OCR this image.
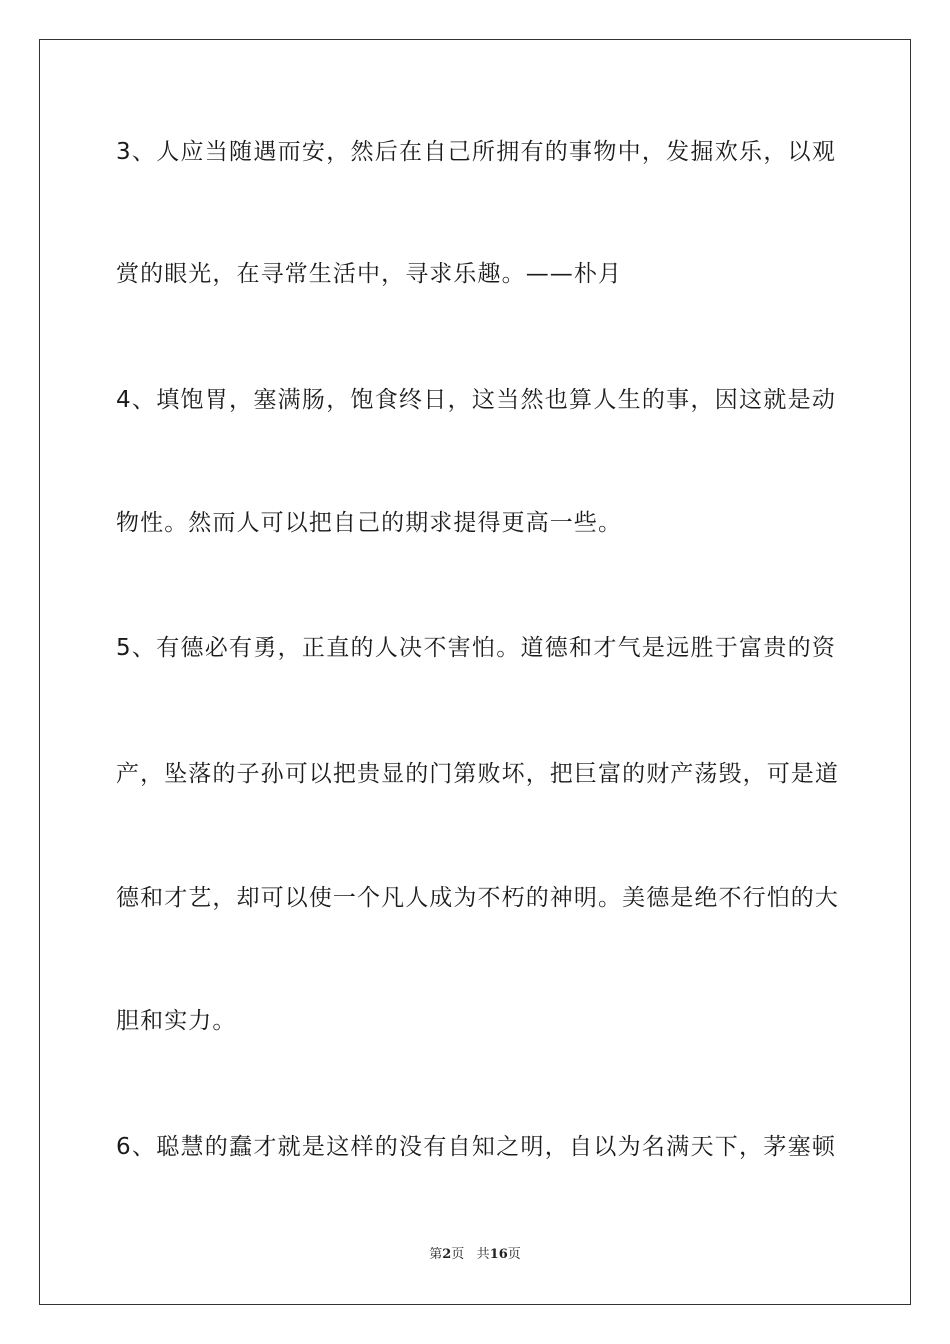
3、人应当随遇而安，然后在自己所拥有的事物中，发掘欢乐，以观
赏的眼光，在寻常生活中，寻求乐趣。——朴月
4、填饱胃，塞满肠，饱食终日，这当然也算人生的事，因这就是动
物性。然而人可以把自己的期求提得更高一些。
5、有德必有勇，正直的人决不害怕。道德和才气是远胜于富贵的资
产，坠落的子孙可以把贵显的门第败坏，把巨富的财产荡毁，可是道
德和才艺，却可以使一个凡人成为不朽的神明。美德是绝不行怕的大
胆和实力。
6、聪慧的蠢才就是这样的没有自知之明，自以为名满天下，茅塞顿
第2页 共16页
